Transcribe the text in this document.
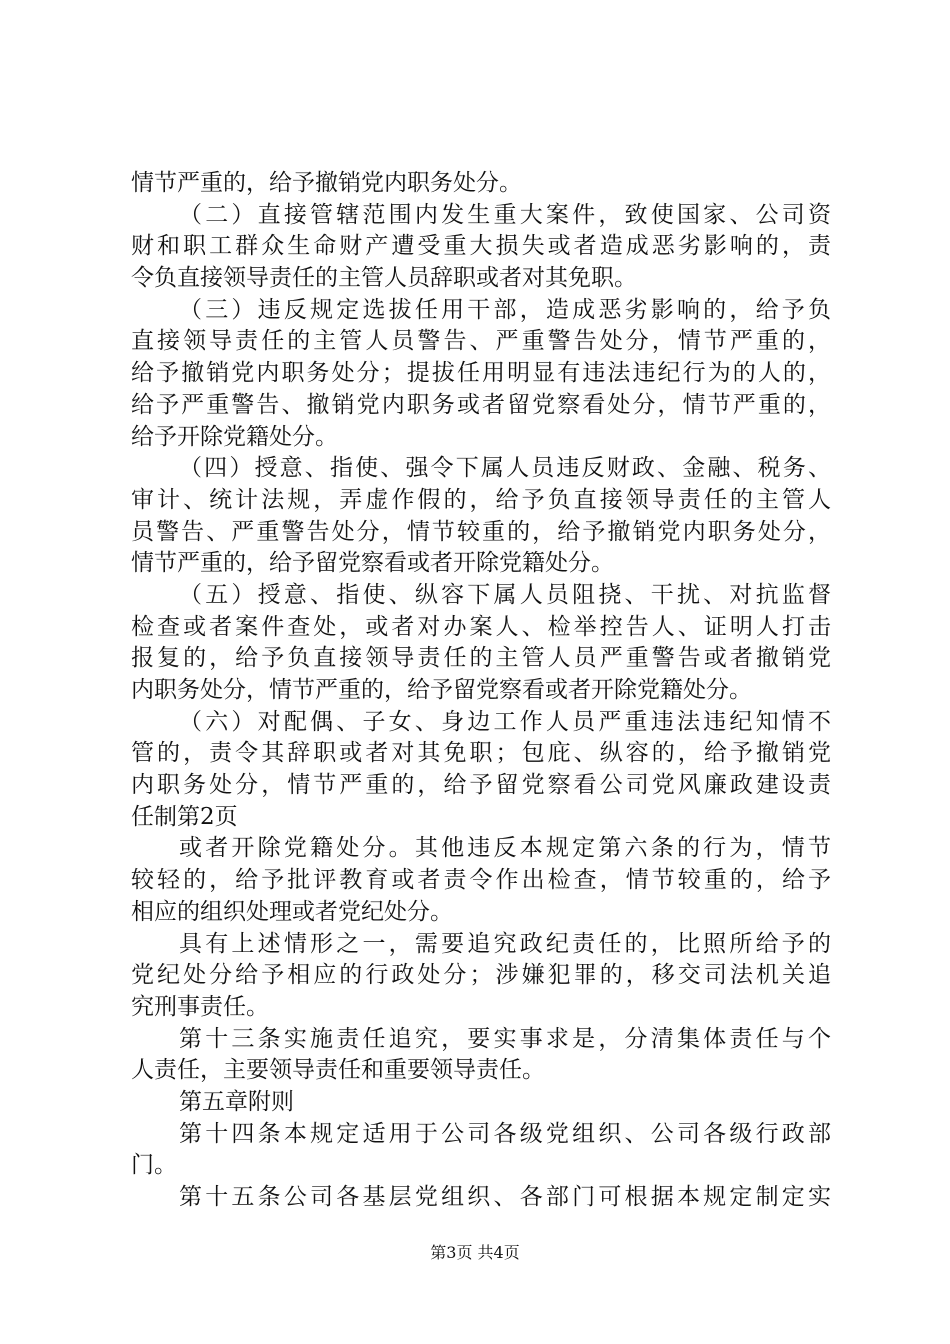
情节严重的，给予撤销党内职务处分。
（二）直接管辖范围内发生重大案件，致使国家、公司资
财和职工群众生命财产遭受重大损失或者造成恶劣影响的，责
令负直接领导责任的主管人员辞职或者对其免职。
（三）违反规定选拔任用干部，造成恶劣影响的，给予负
直接领导责任的主管人员警告、严重警告处分，情节严重的，
给予撤销党内职务处分；提拔任用明显有违法违纪行为的人的，
给予严重警告、撤销党内职务或者留党察看处分，情节严重的，
给予开除党籍处分。
（四）授意、指使、强令下属人员违反财政、金融、税务、
审计、统计法规，弄虚作假的，给予负直接领导责任的主管人
员警告、严重警告处分，情节较重的，给予撤销党内职务处分，
情节严重的，给予留党察看或者开除党籍处分。
（五）授意、指使、纵容下属人员阻挠、干扰、对抗监督
检查或者案件查处，或者对办案人、检举控告人、证明人打击
报复的，给予负直接领导责任的主管人员严重警告或者撤销党
内职务处分，情节严重的，给予留党察看或者开除党籍处分。
（六）对配偶、子女、身边工作人员严重违法违纪知情不
管的，责令其辞职或者对其免职；包庇、纵容的，给予撤销党
内职务处分，情节严重的，给予留党察看公司党风廉政建设责
任制第2页
或者开除党籍处分。其他违反本规定第六条的行为，情节
较轻的，给予批评教育或者责令作出检查，情节较重的，给予
相应的组织处理或者党纪处分。
具有上述情形之一，需要追究政纪责任的，比照所给予的
党纪处分给予相应的行政处分；涉嫌犯罪的，移交司法机关追
究刑事责任。
第十三条实施责任追究，要实事求是，分清集体责任与个
人责任，主要领导责任和重要领导责任。
第五章附则
第十四条本规定适用于公司各级党组织、公司各级行政部
门。
第十五条公司各基层党组织、各部门可根据本规定制定实
第3页 共4页
